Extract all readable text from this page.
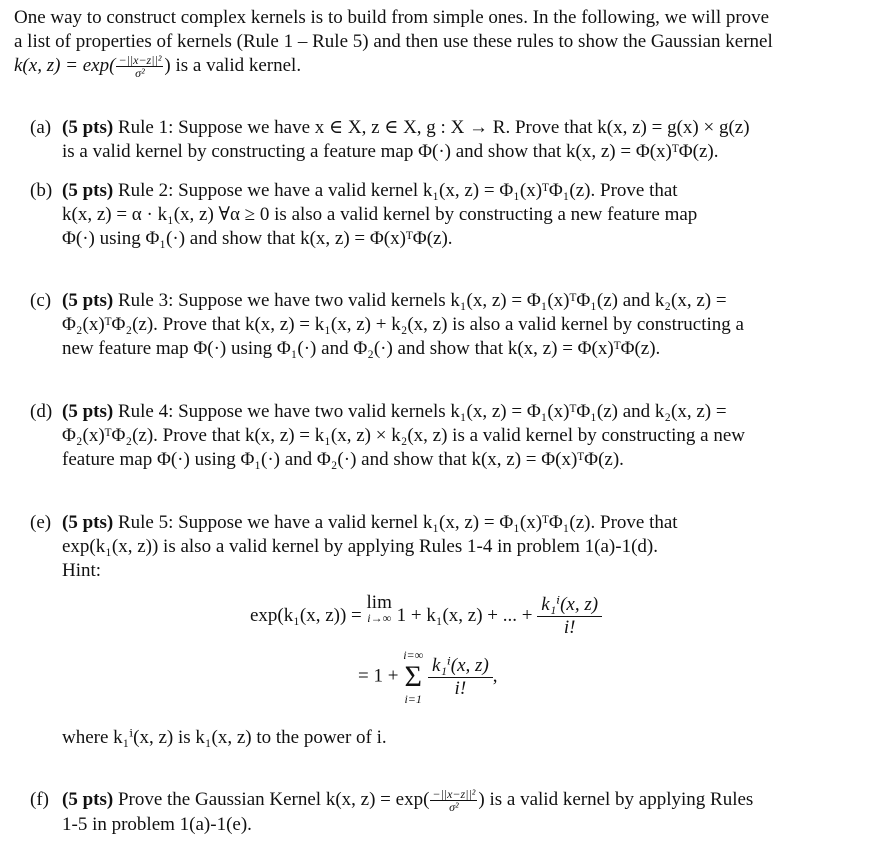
One way to construct complex kernels is to build from simple ones. In the following, we will prove
a list of properties of kernels (Rule 1 – Rule 5) and then use these rules to show the Gaussian kernel
k(x, $z) = \exp( \frac{\text{−||x−z||²}}{\text{σ²}}$ ) is a valid kernel.
(a) (5 pts) Rule 1: Suppose we have x ∈ X, z ∈ X, g : X → R. Prove that k(x, z) = g(x) × g(z)
is a valid kernel by constructing a feature map Φ(·) and show that k(x, z) = Φ(x)ᵀΦ(z).
(b) (5 pts) Rule 2: Suppose we have a valid kernel k₁(x, z) = Φ₁(x)ᵀΦ₁(z). Prove that
k(x, z) = α · k₁(x, z) ∀α ≥ 0 is also a valid kernel by constructing a new feature map
Φ(·) using Φ₁(·) and show that k(x, z) = Φ(x)ᵀΦ(z).
(c) (5 pts) Rule 3: Suppose we have two valid kernels k₁(x, z) = Φ₁(x)ᵀΦ₁(z) and k₂(x, z) =
Φ₂(x)ᵀΦ₂(z). Prove that k(x, z) = k₁(x, z) + k₂(x, z) is also a valid kernel by constructing a
new feature map Φ(·) using Φ₁(·) and Φ₂(·) and show that k(x, z) = Φ(x)ᵀΦ(z).
(d) (5 pts) Rule 4: Suppose we have two valid kernels k₁(x, z) = Φ₁(x)ᵀΦ₁(z) and k₂(x, z) =
Φ₂(x)ᵀΦ₂(z). Prove that k(x, z) = k₁(x, z) × k₂(x, z) is a valid kernel by constructing a new
feature map Φ(·) using Φ₁(·) and Φ₂(·) and show that k(x, z) = Φ(x)ᵀΦ(z).
(e) (5 pts) Rule 5: Suppose we have a valid kernel k₁(x, z) = Φ₁(x)ᵀΦ₁(z). Prove that
exp(k₁(x, z)) is also a valid kernel by applying Rules 1-4 in problem 1(a)-1(d).
Hint:
exp(k₁(x, z)) = lim
i→∞ 1 + k₁(x, z) + ... + $\frac{\text{k₁ⁱ(x, z)}}{i!}$
= 1 +
i=∞
Σ
i=1
$\frac{\text{k₁ⁱ(x, z)}}{i!}$ ,
where k₁ⁱ(x, z) is k₁(x, z) to the power of i.
(f) (5 pts) Prove the Gaussian Kernel k(x, $z) = \exp( \frac{\text{−||x−z||²}}{\text{σ²}}$ ) is a valid kernel by applying Rules
1-5 in problem 1(a)-1(e).
